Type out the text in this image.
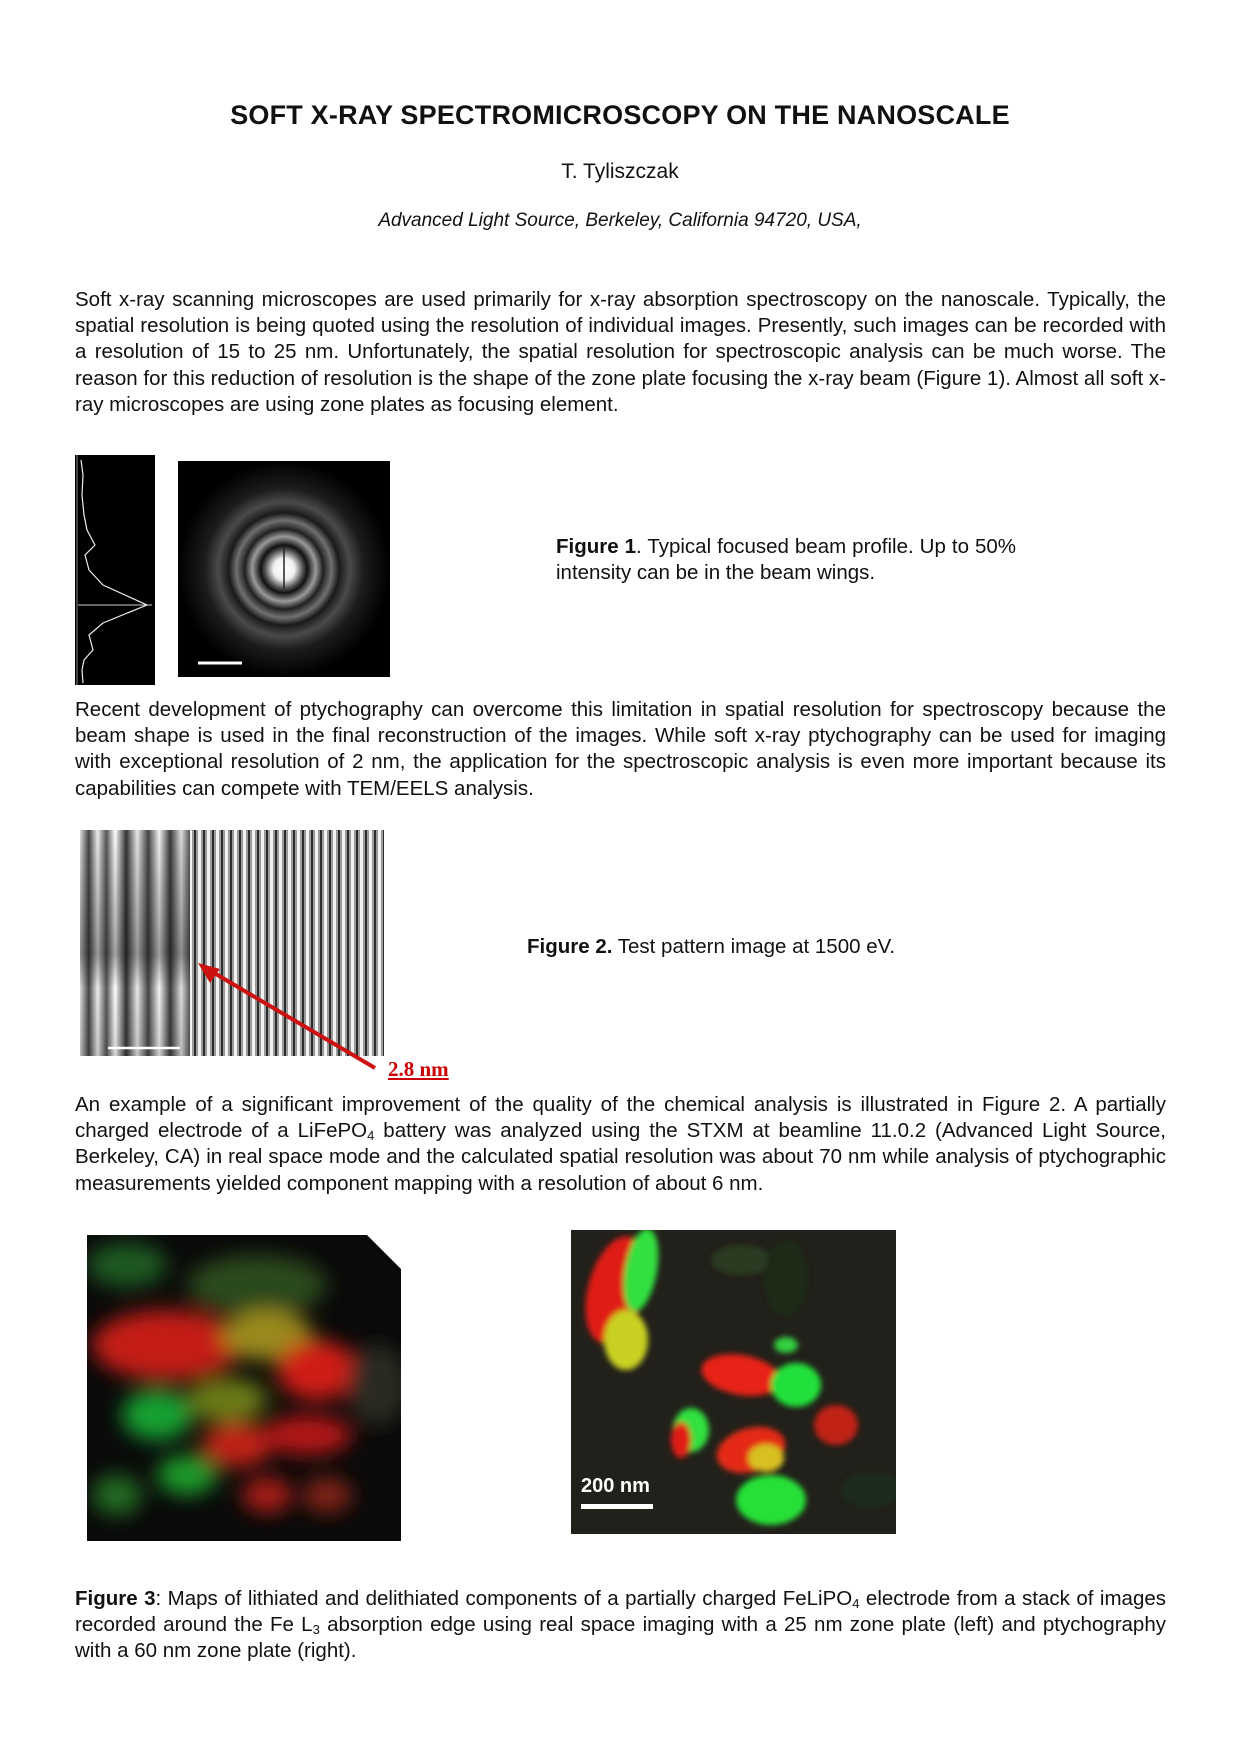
SOFT X-RAY SPECTROMICROSCOPY ON THE NANOSCALE
T. Tyliszczak
Advanced Light Source, Berkeley, California 94720, USA,
Soft x-ray scanning microscopes are used primarily for x-ray absorption spectroscopy on the nanoscale. Typically, the spatial resolution is being quoted using the resolution of individual images. Presently, such images can be recorded with a resolution of 15 to 25 nm. Unfortunately, the spatial resolution for spectroscopic analysis can be much worse. The reason for this reduction of resolution is the shape of the zone plate focusing the x-ray beam (Figure 1). Almost all soft x-ray microscopes are using zone plates as focusing element.
Figure 1. Typical focused beam profile. Up to 50% intensity can be in the beam wings.
Recent development of ptychography can overcome this limitation in spatial resolution for spectroscopy because the beam shape is used in the final reconstruction of the images. While soft x-ray ptychography can be used for imaging with exceptional resolution of 2 nm, the application for the spectroscopic analysis is even more important because its capabilities can compete with TEM/EELS analysis.
2.8 nm
Figure 2. Test pattern image at 1500 eV.
An example of a significant improvement of the quality of the chemical analysis is illustrated in Figure 2. A partially charged electrode of a LiFePO$_4$ battery was analyzed using the STXM at beamline 11.0.2 (Advanced Light Source, Berkeley, CA) in real space mode and the calculated spatial resolution was about 70 nm while analysis of ptychographic measurements yielded component mapping with a resolution of about 6 nm.
200 nm
Figure 3: Maps of lithiated and delithiated components of a partially charged FeLiPO$_4$ electrode from a stack of images recorded around the Fe $L_3$ absorption edge using real space imaging with a 25 nm zone plate (left) and ptychography with a 60 nm zone plate (right).
